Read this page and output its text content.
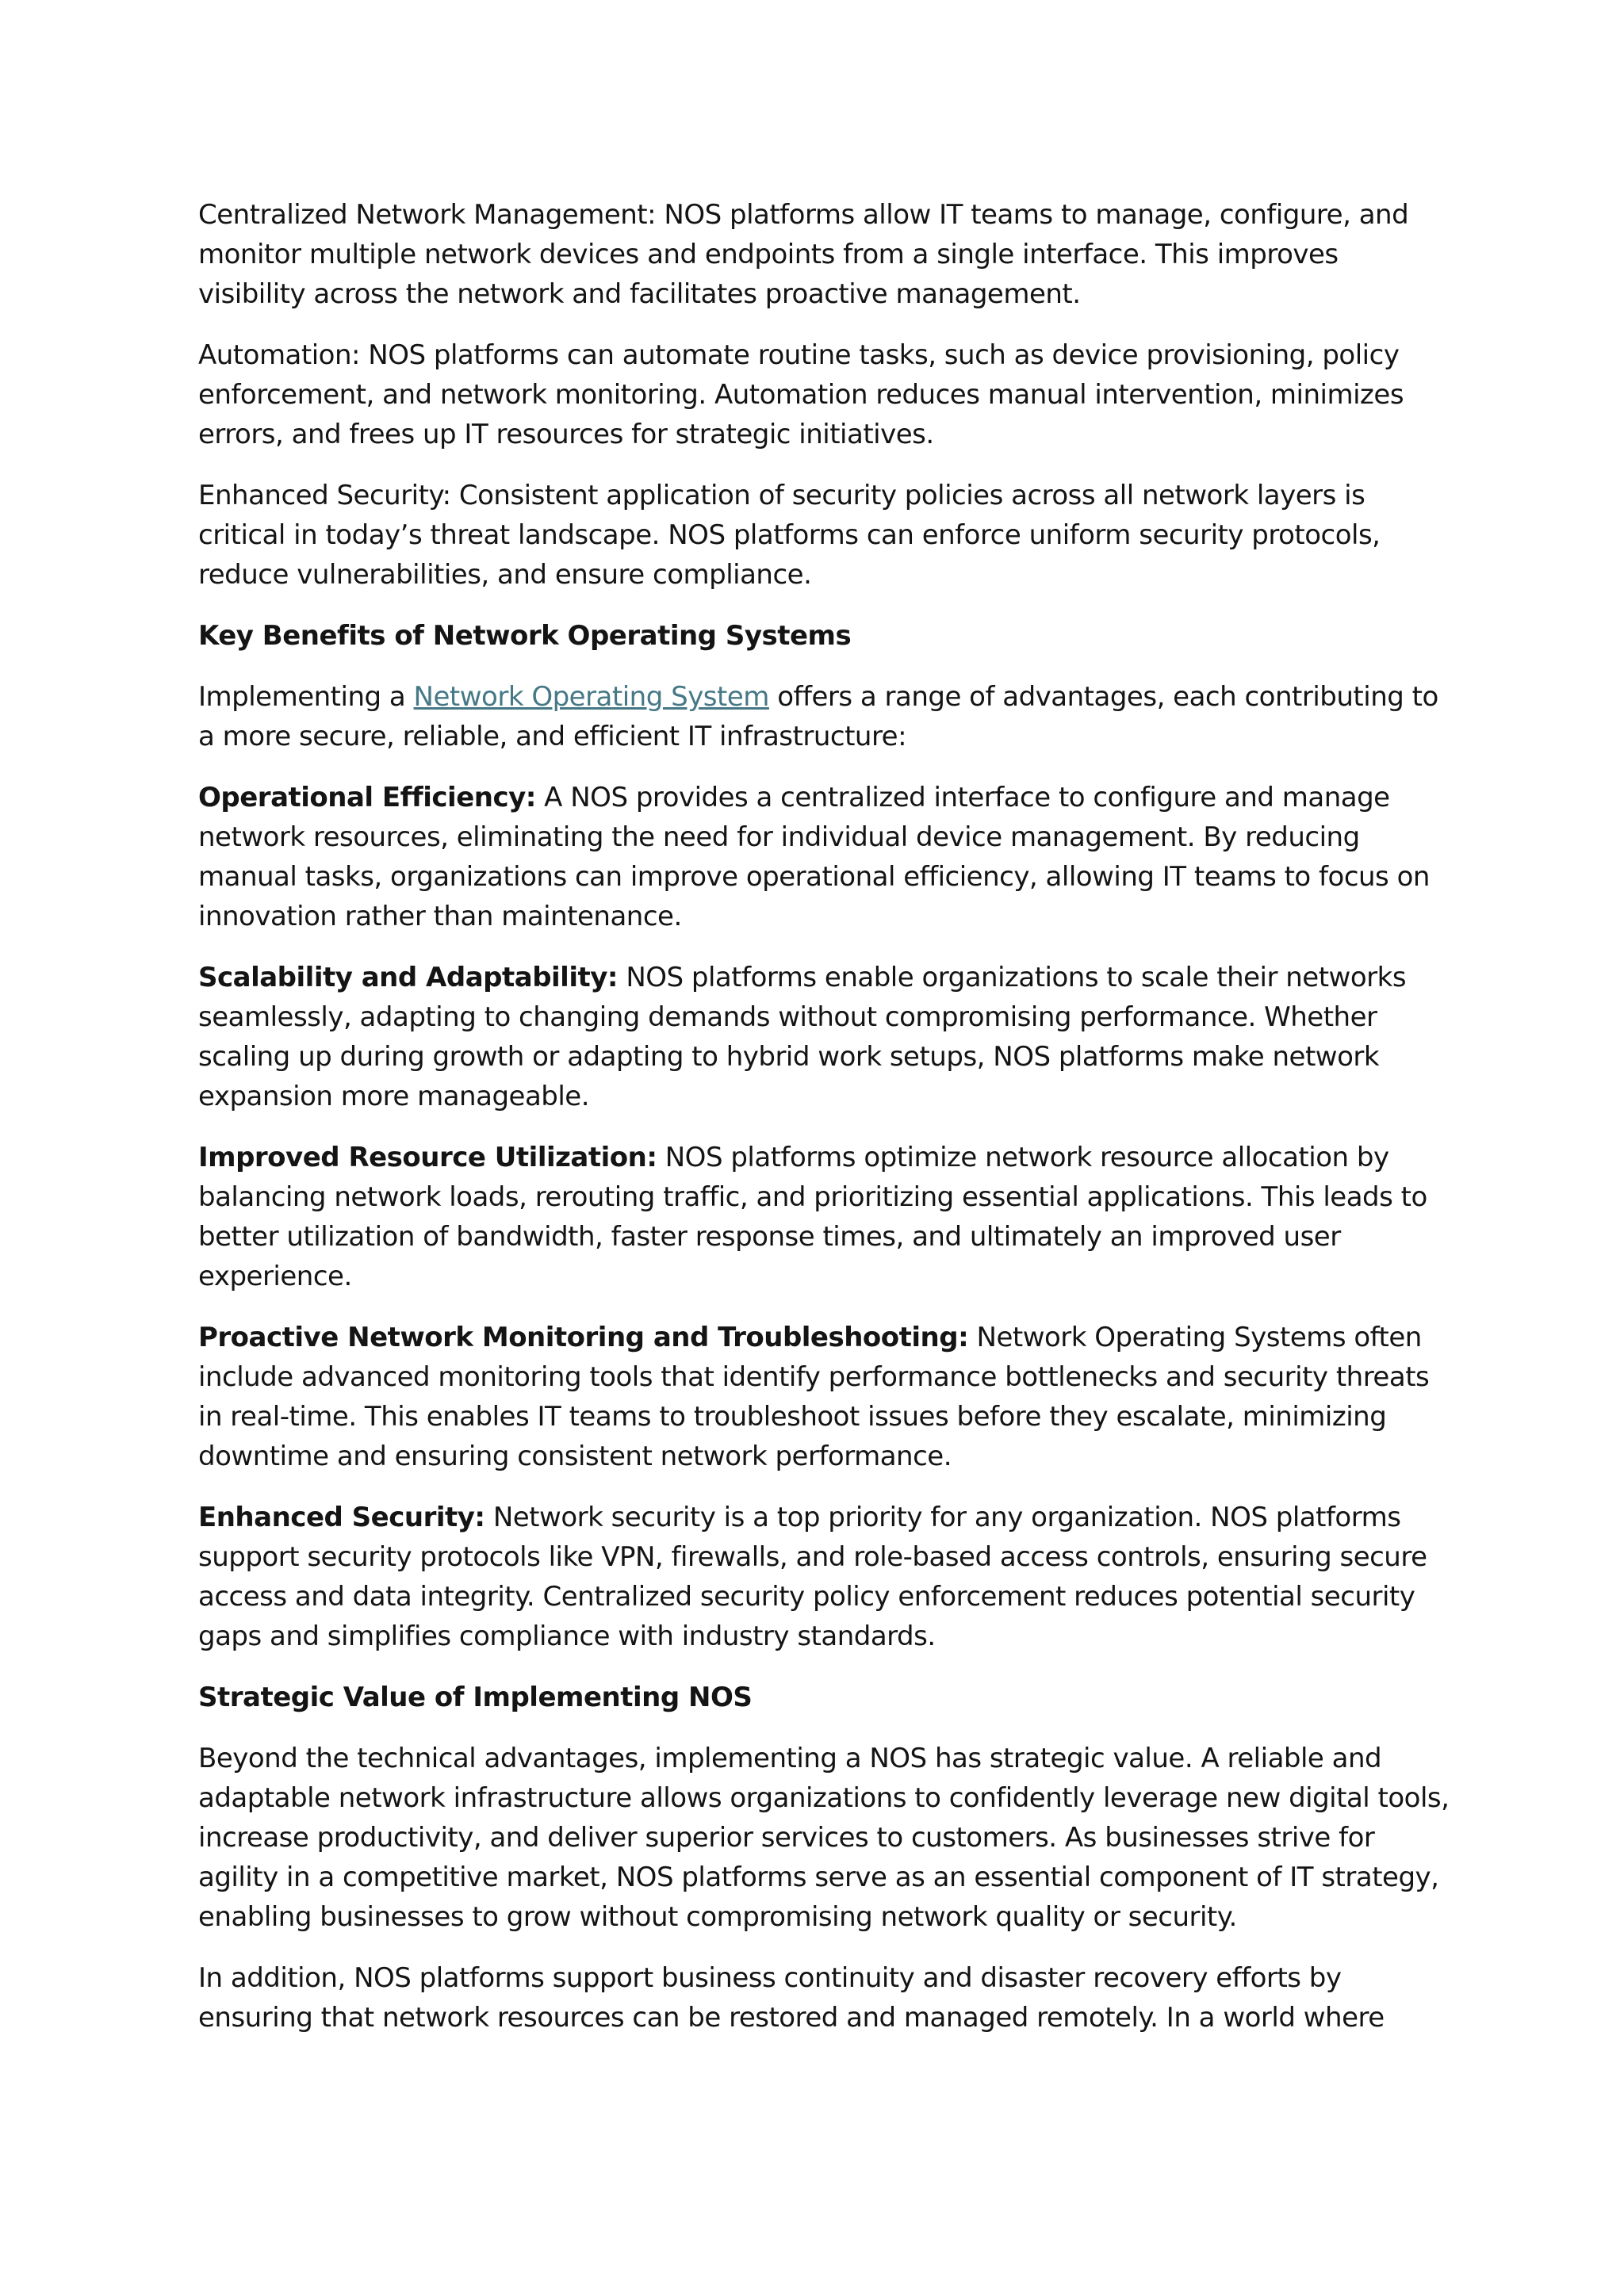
Centralized Network Management: NOS platforms allow IT teams to manage, configure, and monitor multiple network devices and endpoints from a single interface. This improves visibility across the network and facilitates proactive management.

Automation: NOS platforms can automate routine tasks, such as device provisioning, policy enforcement, and network monitoring. Automation reduces manual intervention, minimizes errors, and frees up IT resources for strategic initiatives.

Enhanced Security: Consistent application of security policies across all network layers is critical in today’s threat landscape. NOS platforms can enforce uniform security protocols, reduce vulnerabilities, and ensure compliance.

Key Benefits of Network Operating Systems

Implementing a Network Operating System offers a range of advantages, each contributing to a more secure, reliable, and efficient IT infrastructure:

Operational Efficiency: A NOS provides a centralized interface to configure and manage network resources, eliminating the need for individual device management. By reducing manual tasks, organizations can improve operational efficiency, allowing IT teams to focus on innovation rather than maintenance.

Scalability and Adaptability: NOS platforms enable organizations to scale their networks seamlessly, adapting to changing demands without compromising performance. Whether scaling up during growth or adapting to hybrid work setups, NOS platforms make network expansion more manageable.

Improved Resource Utilization: NOS platforms optimize network resource allocation by balancing network loads, rerouting traffic, and prioritizing essential applications. This leads to better utilization of bandwidth, faster response times, and ultimately an improved user experience.

Proactive Network Monitoring and Troubleshooting: Network Operating Systems often include advanced monitoring tools that identify performance bottlenecks and security threats in real-time. This enables IT teams to troubleshoot issues before they escalate, minimizing downtime and ensuring consistent network performance.

Enhanced Security: Network security is a top priority for any organization. NOS platforms support security protocols like VPN, firewalls, and role-based access controls, ensuring secure access and data integrity. Centralized security policy enforcement reduces potential security gaps and simplifies compliance with industry standards.

Strategic Value of Implementing NOS

Beyond the technical advantages, implementing a NOS has strategic value. A reliable and adaptable network infrastructure allows organizations to confidently leverage new digital tools, increase productivity, and deliver superior services to customers. As businesses strive for agility in a competitive market, NOS platforms serve as an essential component of IT strategy, enabling businesses to grow without compromising network quality or security.

In addition, NOS platforms support business continuity and disaster recovery efforts by ensuring that network resources can be restored and managed remotely. In a world where
